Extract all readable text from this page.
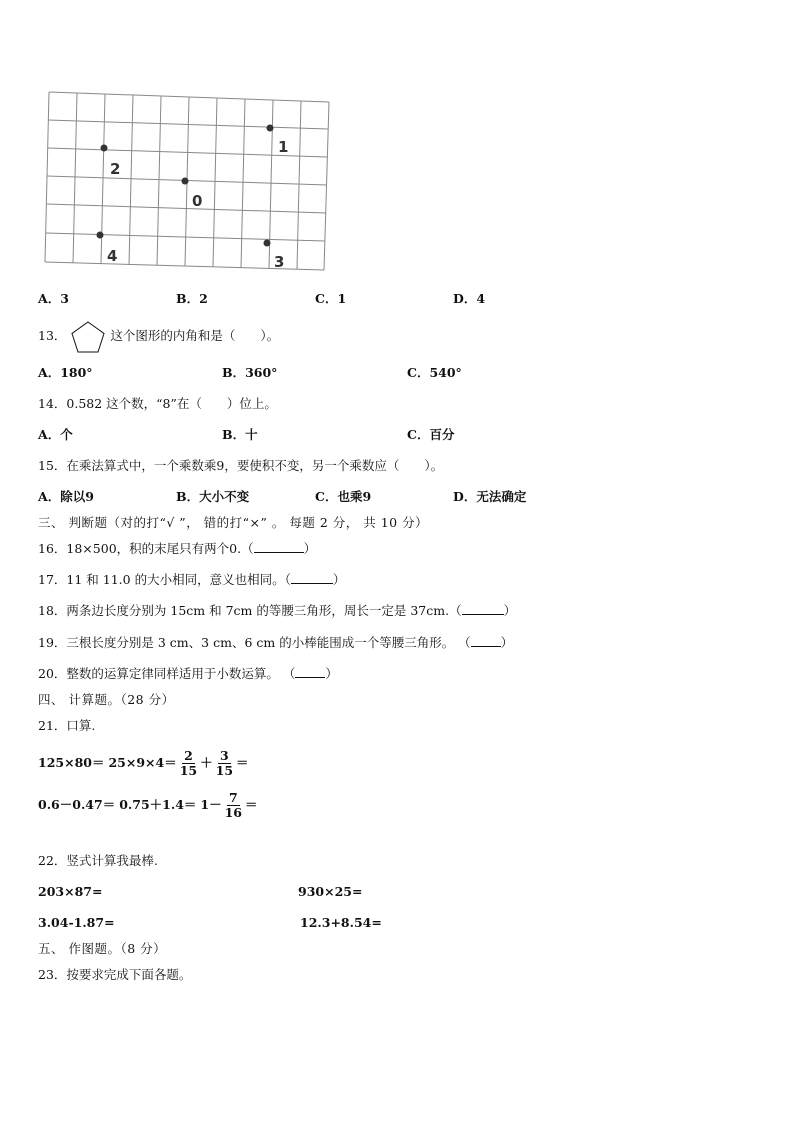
1
2
0
4	3
A．3	B．2	C．1	D．4
13．	这个图形的内角和是（　　）。
A．180°	B．360°	C．540°
14．0.582 这个数，“8”在（　　）位上。
A．个	B．十	C．百分
15．在乘法算式中，一个乘数乘9，要使积不变，另一个乘数应（　　）。
A．除以9	B．大小不变	C．也乘9	D．无法确定
三、 判断题（对的打“√ ”， 错的打“×” 。 每题 2 分， 共 10 分）
16．18×500，积的末尾只有两个0.（	）
17．11 和 11.0 的大小相同，意义也相同。（	）
18．两条边长度分别为 15cm 和 7cm 的等腰三角形，周长一定是 37cm.（	）
19．三根长度分别是 3 cm、3 cm、6 cm 的小棒能围成一个等腰三角形。 （ ）
20．整数的运算定律同样适用于小数运算。 （ ）
四、 计算题。（28 分）
21．口算.
$125\times 80= 25\times 9\times 4= \frac{2}{15} + \frac{3}{15}$ ＝
$0.6-0.47= 0.75+1.4= 1- \frac{7}{16}$ ＝
22．竖式计算我最棒.
203×87=	930×25=
3.04-1.87=	12.3+8.54=
五、 作图题。（8 分）
23．按要求完成下面各题。
